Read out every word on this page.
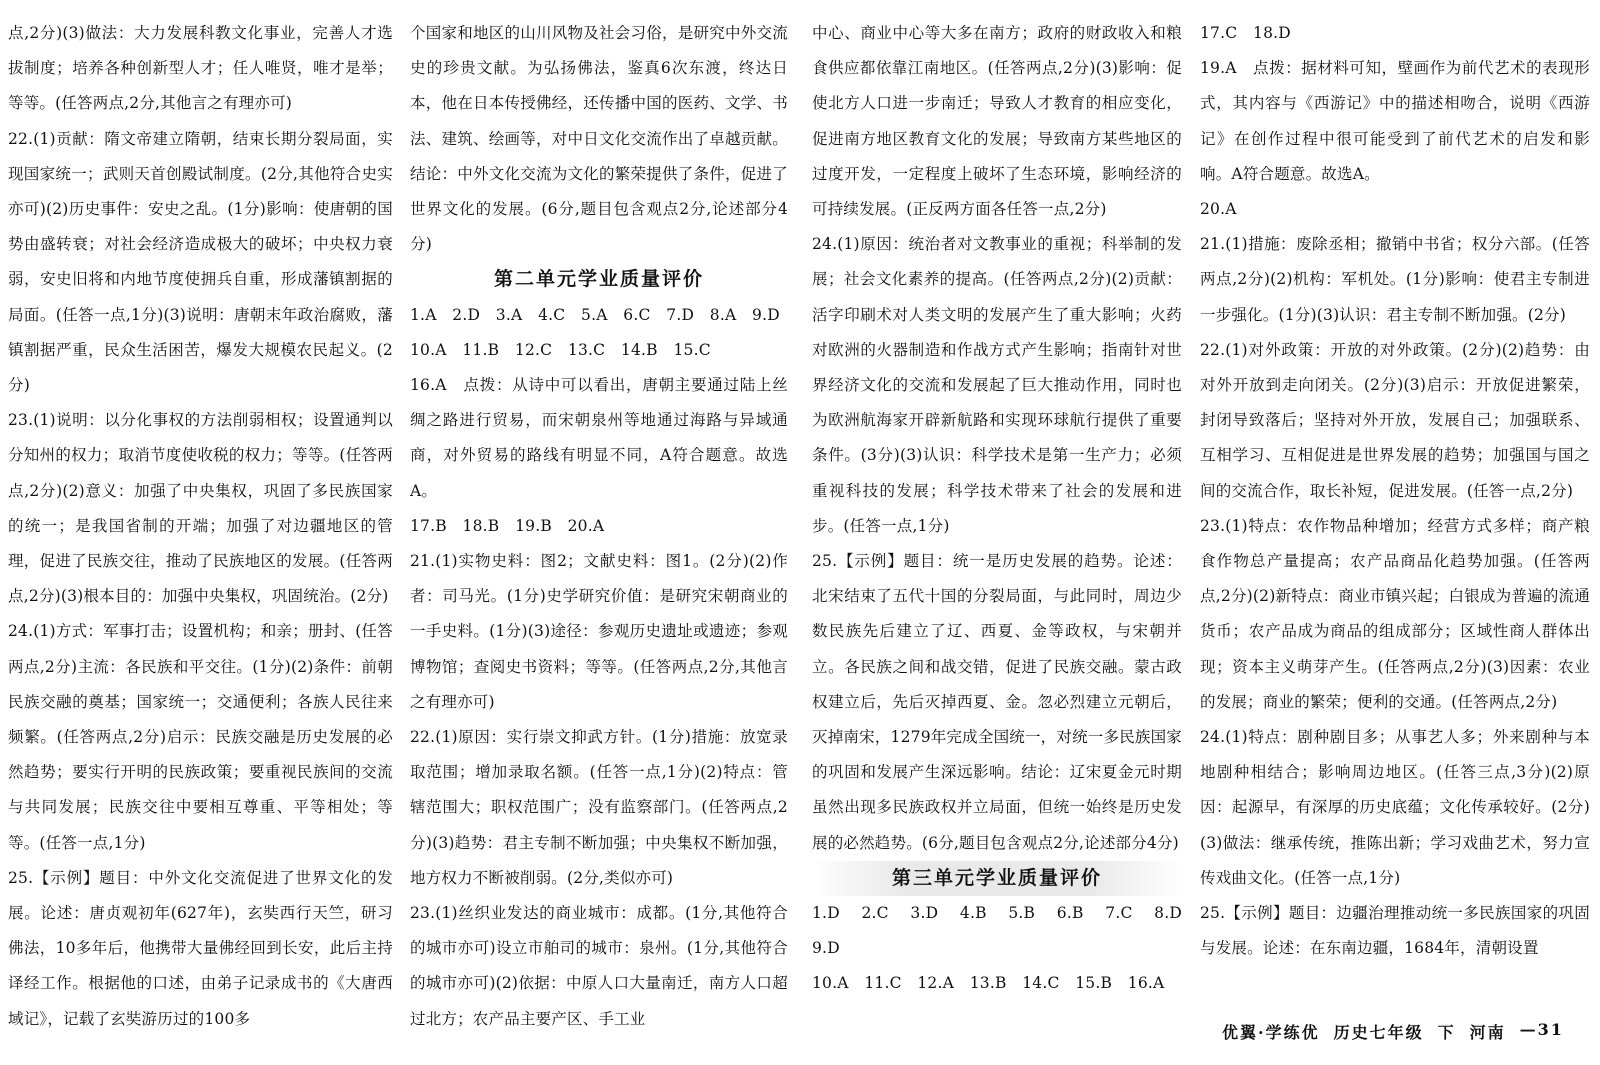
点,2分)(3)做法：大力发展科教文化事业，完善人才选拔制度；培养各种创新型人才；任人唯贤，唯才是举；等等。(任答两点,2分,其他言之有理亦可)

22.(1)贡献：隋文帝建立隋朝，结束长期分裂局面，实现国家统一；武则天首创殿试制度。(2分,其他符合史实亦可)(2)历史事件：安史之乱。(1分)影响：使唐朝的国势由盛转衰；对社会经济造成极大的破坏；中央权力衰弱，安史旧将和内地节度使拥兵自重，形成藩镇割据的局面。(任答一点,1分)(3)说明：唐朝末年政治腐败，藩镇割据严重，民众生活困苦，爆发大规模农民起义。(2分)

23.(1)说明：以分化事权的方法削弱相权；设置通判以分知州的权力；取消节度使收税的权力；等等。(任答两点,2分)(2)意义：加强了中央集权，巩固了多民族国家的统一；是我国省制的开端；加强了对边疆地区的管理，促进了民族交往，推动了民族地区的发展。(任答两点,2分)(3)根本目的：加强中央集权，巩固统治。(2分)

24.(1)方式：军事打击；设置机构；和亲；册封、(任答两点,2分)主流：各民族和平交往。(1分)(2)条件：前朝民族交融的奠基；国家统一；交通便利；各族人民往来频繁。(任答两点,2分)启示：民族交融是历史发展的必然趋势；要实行开明的民族政策；要重视民族间的交流与共同发展；民族交往中要相互尊重、平等相处；等等。(任答一点,1分)

25.【示例】题目：中外文化交流促进了世界文化的发展。论述：唐贞观初年(627年)，玄奘西行天竺，研习佛法，10多年后，他携带大量佛经回到长安，此后主持译经工作。根据他的口述，由弟子记录成书的《大唐西域记》，记载了玄奘游历过的100多

个国家和地区的山川风物及社会习俗，是研究中外交流史的珍贵文献。为弘扬佛法，鉴真6次东渡，终达日本，他在日本传授佛经，还传播中国的医药、文学、书法、建筑、绘画等，对中日文化交流作出了卓越贡献。结论：中外文化交流为文化的繁荣提供了条件，促进了世界文化的发展。(6分,题目包含观点2分,论述部分4分)

第二单元学业质量评价

1.A　2.D　3.A　4.C　5.A　6.C　7.D　8.A　9.D

10.A　11.B　12.C　13.C　14.B　15.C

16.A　点拨：从诗中可以看出，唐朝主要通过陆上丝绸之路进行贸易，而宋朝泉州等地通过海路与异域通商，对外贸易的路线有明显不同，A符合题意。故选A。

17.B　18.B　19.B　20.A

21.(1)实物史料：图2；文献史料：图1。(2分)(2)作者：司马光。(1分)史学研究价值：是研究宋朝商业的一手史料。(1分)(3)途径：参观历史遗址或遗迹；参观博物馆；查阅史书资料；等等。(任答两点,2分,其他言之有理亦可)

22.(1)原因：实行崇文抑武方针。(1分)措施：放宽录取范围；增加录取名额。(任答一点,1分)(2)特点：管辖范围大；职权范围广；没有监察部门。(任答两点,2分)(3)趋势：君主专制不断加强；中央集权不断加强，地方权力不断被削弱。(2分,类似亦可)

23.(1)丝织业发达的商业城市：成都。(1分,其他符合的城市亦可)设立市舶司的城市：泉州。(1分,其他符合的城市亦可)(2)依据：中原人口大量南迁，南方人口超过北方；农产品主要产区、手工业

中心、商业中心等大多在南方；政府的财政收入和粮食供应都依靠江南地区。(任答两点,2分)(3)影响：促使北方人口进一步南迁；导致人才教育的相应变化，促进南方地区教育文化的发展；导致南方某些地区的过度开发，一定程度上破坏了生态环境，影响经济的可持续发展。(正反两方面各任答一点,2分)

24.(1)原因：统治者对文教事业的重视；科举制的发展；社会文化素养的提高。(任答两点,2分)(2)贡献：活字印刷术对人类文明的发展产生了重大影响；火药对欧洲的火器制造和作战方式产生影响；指南针对世界经济文化的交流和发展起了巨大推动作用，同时也为欧洲航海家开辟新航路和实现环球航行提供了重要条件。(3分)(3)认识：科学技术是第一生产力；必须重视科技的发展；科学技术带来了社会的发展和进步。(任答一点,1分)

25.【示例】题目：统一是历史发展的趋势。论述：北宋结束了五代十国的分裂局面，与此同时，周边少数民族先后建立了辽、西夏、金等政权，与宋朝并立。各民族之间和战交错，促进了民族交融。蒙古政权建立后，先后灭掉西夏、金。忽必烈建立元朝后，灭掉南宋，1279年完成全国统一，对统一多民族国家的巩固和发展产生深远影响。结论：辽宋夏金元时期虽然出现多民族政权并立局面，但统一始终是历史发展的必然趋势。(6分,题目包含观点2分,论述部分4分)

第三单元学业质量评价

1.D　2.C　3.D　4.B　5.B　6.B　7.C　8.D　9.D

10.A　11.C　12.A　13.B　14.C　15.B　16.A

17.C　18.D

19.A　点拨：据材料可知，壁画作为前代艺术的表现形式，其内容与《西游记》中的描述相吻合，说明《西游记》在创作过程中很可能受到了前代艺术的启发和影响。A符合题意。故选A。

20.A

21.(1)措施：废除丞相；撤销中书省；权分六部。(任答两点,2分)(2)机构：军机处。(1分)影响：使君主专制进一步强化。(1分)(3)认识：君主专制不断加强。(2分)

22.(1)对外政策：开放的对外政策。(2分)(2)趋势：由对外开放到走向闭关。(2分)(3)启示：开放促进繁荣，封闭导致落后；坚持对外开放，发展自己；加强联系、互相学习、互相促进是世界发展的趋势；加强国与国之间的交流合作，取长补短，促进发展。(任答一点,2分)

23.(1)特点：农作物品种增加；经营方式多样；商产粮食作物总产量提高；农产品商品化趋势加强。(任答两点,2分)(2)新特点：商业市镇兴起；白银成为普遍的流通货币；农产品成为商品的组成部分；区域性商人群体出现；资本主义萌芽产生。(任答两点,2分)(3)因素：农业的发展；商业的繁荣；便利的交通。(任答两点,2分)

24.(1)特点：剧种剧目多；从事艺人多；外来剧种与本地剧种相结合；影响周边地区。(任答三点,3分)(2)原因：起源早，有深厚的历史底蕴；文化传承较好。(2分)(3)做法：继承传统，推陈出新；学习戏曲艺术，努力宣传戏曲文化。(任答一点,1分)

25.【示例】题目：边疆治理推动统一多民族国家的巩固与发展。论述：在东南边疆，1684年，清朝设置

优翼·学练优 历史七年级 下 河南 —31
